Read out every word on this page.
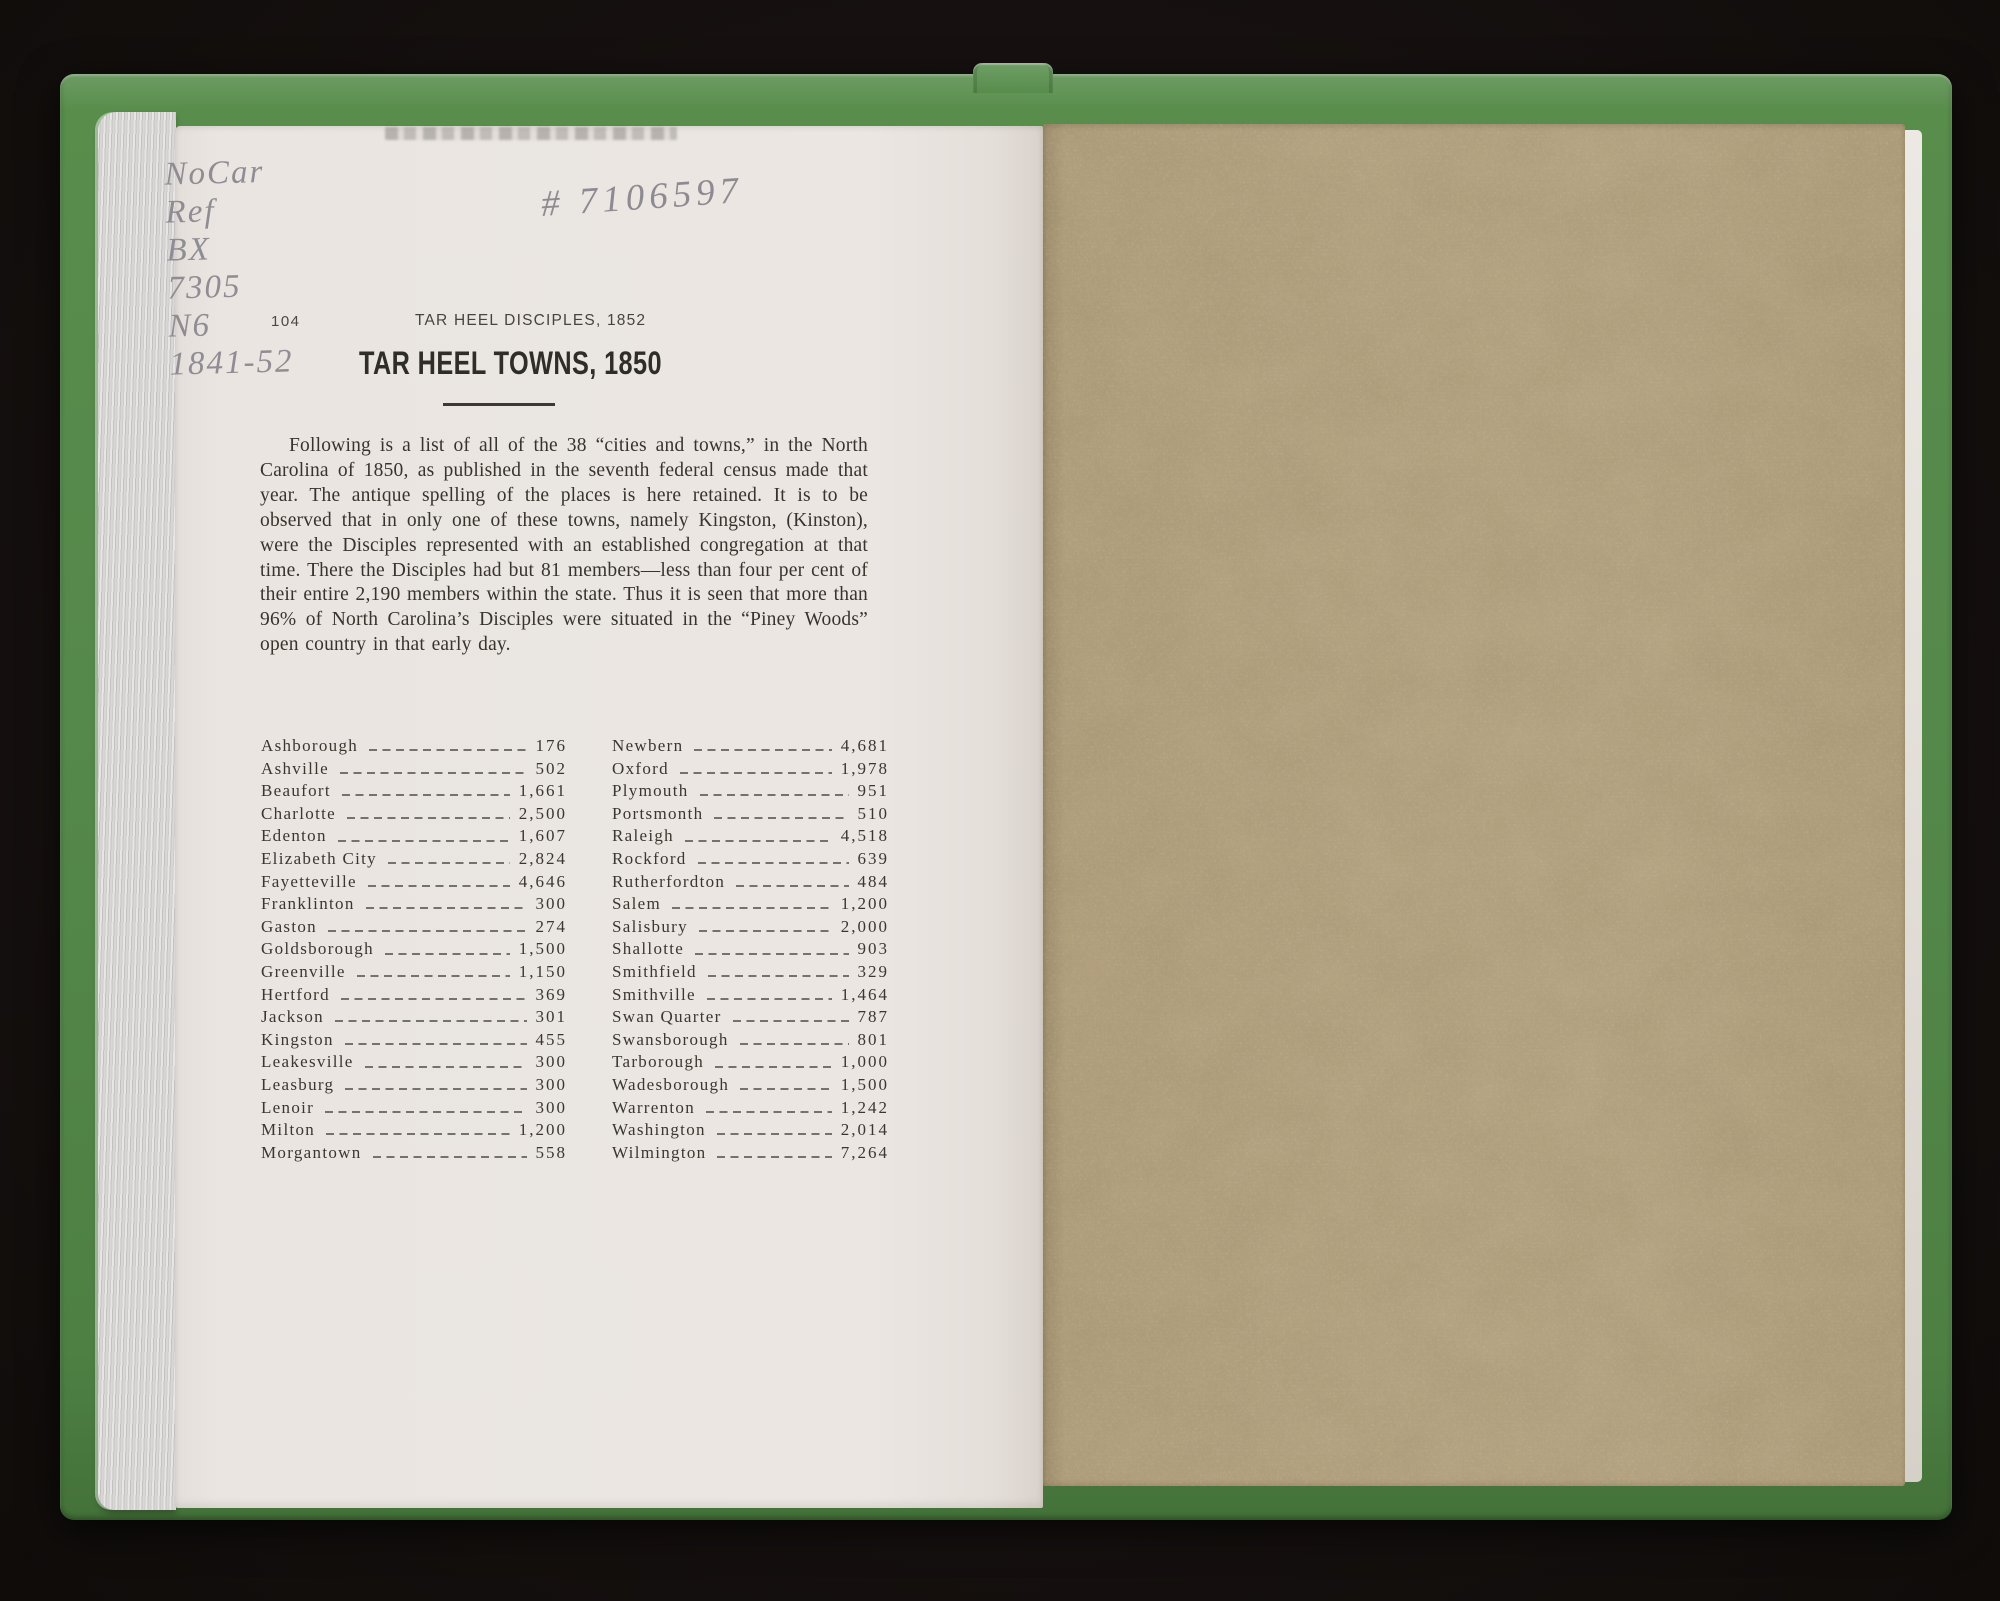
NoCar
Ref
BX
7305
N6
1841-52
# 7106597
104	TAR HEEL DISCIPLES, 1852
TAR HEEL TOWNS, 1850

Following is a list of all of the 38 “cities and towns,” in the North Carolina of 1850, as published in the seventh federal census made that year. The antique spelling of the places is here retained. It is to be observed that in only one of these towns, namely Kingston, (Kinston), were the Disciples represented with an established congregation at that time. There the Disciples had but 81 members—less than four per cent of their entire 2,190 members within the state. Thus it is seen that more than 96% of North Carolina’s Disciples were situated in the “Piney Woods” open country in that early day.

Ashborough	176
Ashville	502
Beaufort	1,661
Charlotte	2,500
Edenton	1,607
Elizabeth City	2,824
Fayetteville	4,646
Franklinton	300
Gaston	274
Goldsborough	1,500
Greenville	1,150
Hertford	369
Jackson	301
Kingston	455
Leakesville	300
Leasburg	300
Lenoir	300
Milton	1,200
Morgantown	558
Newbern	4,681
Oxford	1,978
Plymouth	951
Portsmonth	510
Raleigh	4,518
Rockford	639
Rutherfordton	484
Salem	1,200
Salisbury	2,000
Shallotte	903
Smithfield	329
Smithville	1,464
Swan Quarter	787
Swansborough	801
Tarborough	1,000
Wadesborough	1,500
Warrenton	1,242
Washington	2,014
Wilmington	7,264
